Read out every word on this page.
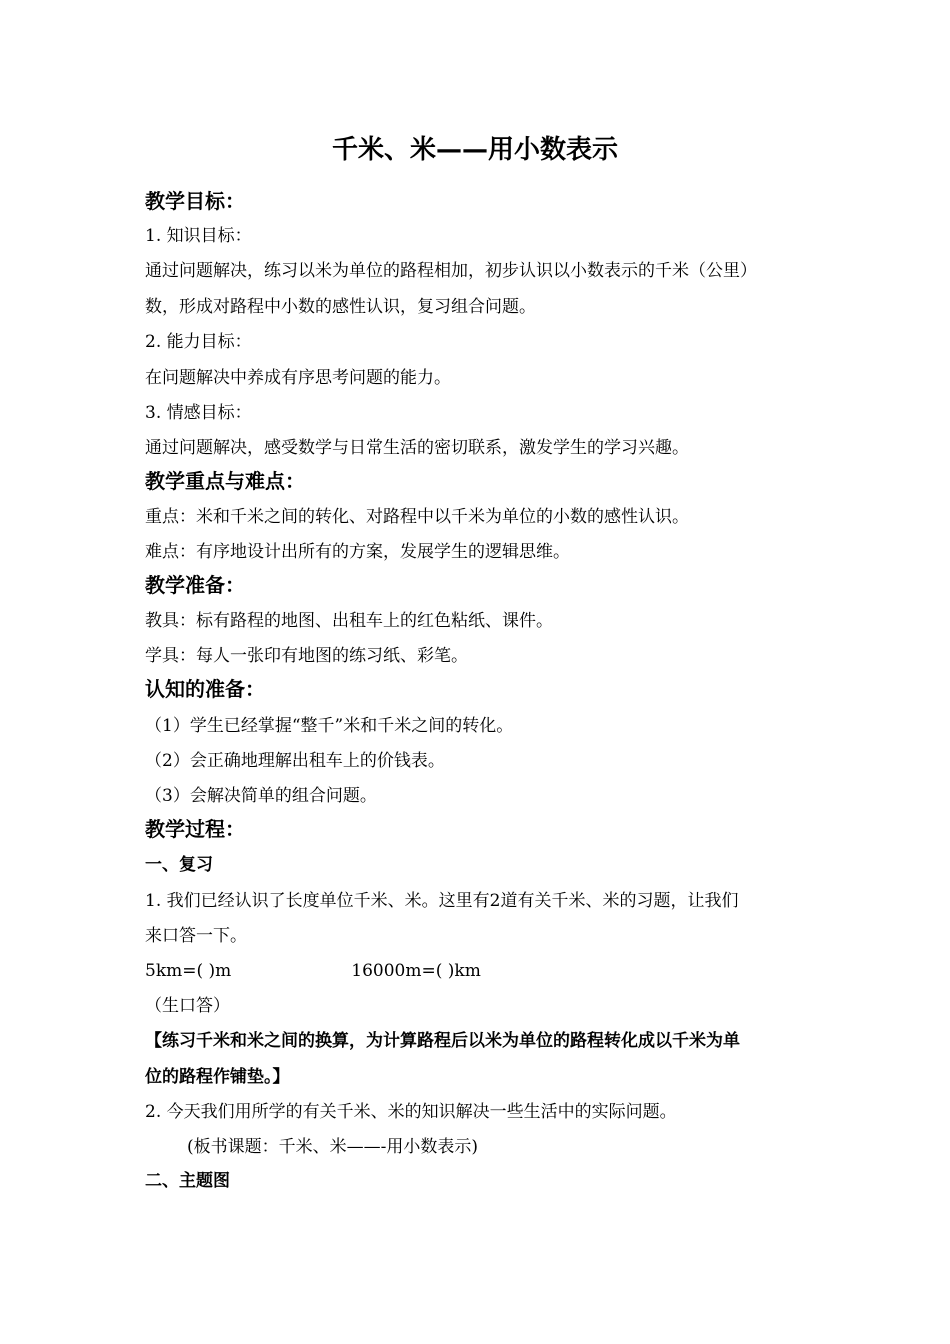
千米、米——用小数表示
教学目标：
1. 知识目标：
通过问题解决，练习以米为单位的路程相加，初步认识以小数表示的千米（公里）
数，形成对路程中小数的感性认识，复习组合问题。
2. 能力目标：
在问题解决中养成有序思考问题的能力。
3. 情感目标：
通过问题解决，感受数学与日常生活的密切联系，激发学生的学习兴趣。
教学重点与难点：
重点：米和千米之间的转化、对路程中以千米为单位的小数的感性认识。
难点：有序地设计出所有的方案，发展学生的逻辑思维。
教学准备：
教具：标有路程的地图、出租车上的红色粘纸、课件。
学具：每人一张印有地图的练习纸、彩笔。
认知的准备：
（1）学生已经掌握“整千”米和千米之间的转化。
（2）会正确地理解出租车上的价钱表。
（3）会解决简单的组合问题。
教学过程：
一、复习
1. 我们已经认识了长度单位千米、米。这里有2道有关千米、米的习题，让我们
来口答一下。
5km=( )m	16000m=( )km
（生口答）
【练习千米和米之间的换算，为计算路程后以米为单位的路程转化成以千米为单
位的路程作铺垫。】
2. 今天我们用所学的有关千米、米的知识解决一些生活中的实际问题。
(板书课题：千米、米——-用小数表示)
二、主题图
